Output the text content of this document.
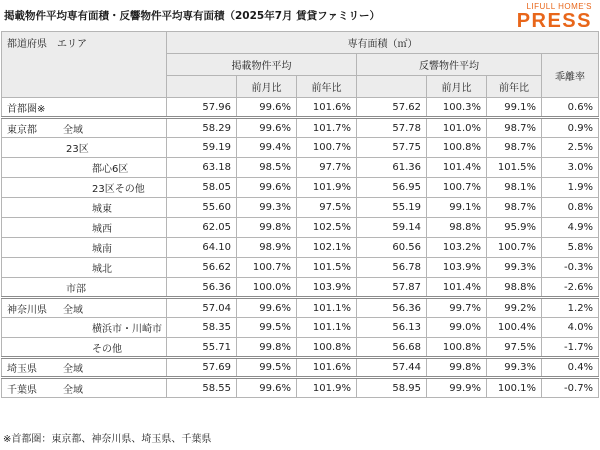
掲載物件平均専有面積・反響物件平均専有面積（2025年7月 賃貸ファミリー）
LIFULL HOME'S
PRESS
都道府県　エリア	専有面積（㎡）						
	掲載物件平均			反響物件平均			乖離率
		前月比	前年比		前月比	前年比	
首都圏※	57.96	99.6%	101.6%	57.62	100.3%	99.1%	0.6%
東京都 全域	58.29	99.6%	101.7%	57.78	101.0%	98.7%	0.9%
23区	59.19	99.4%	100.7%	57.75	100.8%	98.7%	2.5%
都心6区	63.18	98.5%	97.7%	61.36	101.4%	101.5%	3.0%
23区その他	58.05	99.6%	101.9%	56.95	100.7%	98.1%	1.9%
城東	55.60	99.3%	97.5%	55.19	99.1%	98.7%	0.8%
城西	62.05	99.8%	102.5%	59.14	98.8%	95.9%	4.9%
城南	64.10	98.9%	102.1%	60.56	103.2%	100.7%	5.8%
城北	56.62	100.7%	101.5%	56.78	103.9%	99.3%	-0.3%
市部	56.36	100.0%	103.9%	57.87	101.4%	98.8%	-2.6%
神奈川県 全域	57.04	99.6%	101.1%	56.36	99.7%	99.2%	1.2%
横浜市・川崎市	58.35	99.5%	101.1%	56.13	99.0%	100.4%	4.0%
その他	55.71	99.8%	100.8%	56.68	100.8%	97.5%	-1.7%
埼玉県 全域	57.69	99.5%	101.6%	57.44	99.8%	99.3%	0.4%
千葉県 全域	58.55	99.6%	101.9%	58.95	99.9%	100.1%	-0.7%
※首都圏：東京都、神奈川県、埼玉県、千葉県
